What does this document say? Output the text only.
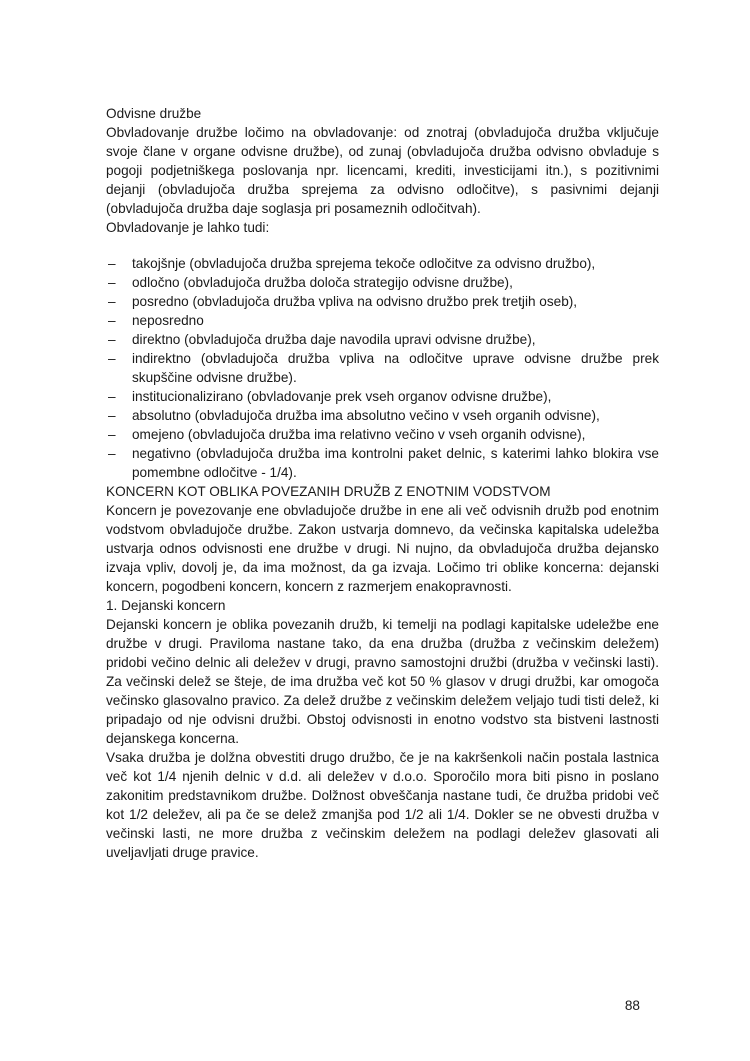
Odvisne družbe

Obvladovanje družbe ločimo na obvladovanje: od znotraj (obvladujoča družba vključuje svoje člane v organe odvisne družbe), od zunaj (obvladujoča družba odvisno obvladuje s pogoji podjetniškega poslovanja npr. licencami, krediti, investicijami itn.), s pozitivnimi dejanji (obvladujoča družba sprejema za odvisno odločitve), s pasivnimi dejanji (obvladujoča družba daje soglasja pri posameznih odločitvah).

Obvladovanje je lahko tudi:

– takojšnje (obvladujoča družba sprejema tekoče odločitve za odvisno družbo),
– odločno (obvladujoča družba določa strategijo odvisne družbe),
– posredno (obvladujoča družba vpliva na odvisno družbo prek tretjih oseb),
– neposredno
– direktno (obvladujoča družba daje navodila upravi odvisne družbe),
– indirektno (obvladujoča družba vpliva na odločitve uprave odvisne družbe prek skupščine odvisne družbe).
– institucionalizirano (obvladovanje prek vseh organov odvisne družbe),
– absolutno (obvladujoča družba ima absolutno večino v vseh organih odvisne),
– omejeno (obvladujoča družba ima relativno večino v vseh organih odvisne),
– negativno (obvladujoča družba ima kontrolni paket delnic, s katerimi lahko blokira vse pomembne odločitve - 1/4).

KONCERN KOT OBLIKA POVEZANIH DRUŽB Z ENOTNIM VODSTVOM

Koncern je povezovanje ene obvladujoče družbe in ene ali več odvisnih družb pod enotnim vodstvom obvladujoče družbe. Zakon ustvarja domnevo, da večinska kapitalska udeležba ustvarja odnos odvisnosti ene družbe v drugi. Ni nujno, da obvladujoča družba dejansko izvaja vpliv, dovolj je, da ima možnost, da ga izvaja. Ločimo tri oblike koncerna: dejanski koncern, pogodbeni koncern, koncern z razmerjem enakopravnosti.

1. Dejanski koncern

Dejanski koncern je oblika povezanih družb, ki temelji na podlagi kapitalske udeležbe ene družbe v drugi. Praviloma nastane tako, da ena družba (družba z večinskim deležem) pridobi večino delnic ali deležev v drugi, pravno samostojni družbi (družba v večinski lasti). Za večinski delež se šteje, de ima družba več kot 50 % glasov v drugi družbi, kar omogoča večinsko glasovalno pravico. Za delež družbe z večinskim deležem veljajo tudi tisti delež, ki pripadajo od nje odvisni družbi. Obstoj odvisnosti in enotno vodstvo sta bistveni lastnosti dejanskega koncerna.

Vsaka družba je dolžna obvestiti drugo družbo, če je na kakršenkoli način postala lastnica več kot 1/4 njenih delnic v d.d. ali deležev v d.o.o. Sporočilo mora biti pisno in poslano zakonitim predstavnikom družbe. Dolžnost obveščanja nastane tudi, če družba pridobi več kot 1/2 deležev, ali pa če se delež zmanjša pod 1/2 ali 1/4. Dokler se ne obvesti družba v večinski lasti, ne more družba z večinskim deležem na podlagi deležev glasovati ali uveljavljati druge pravice.

88
